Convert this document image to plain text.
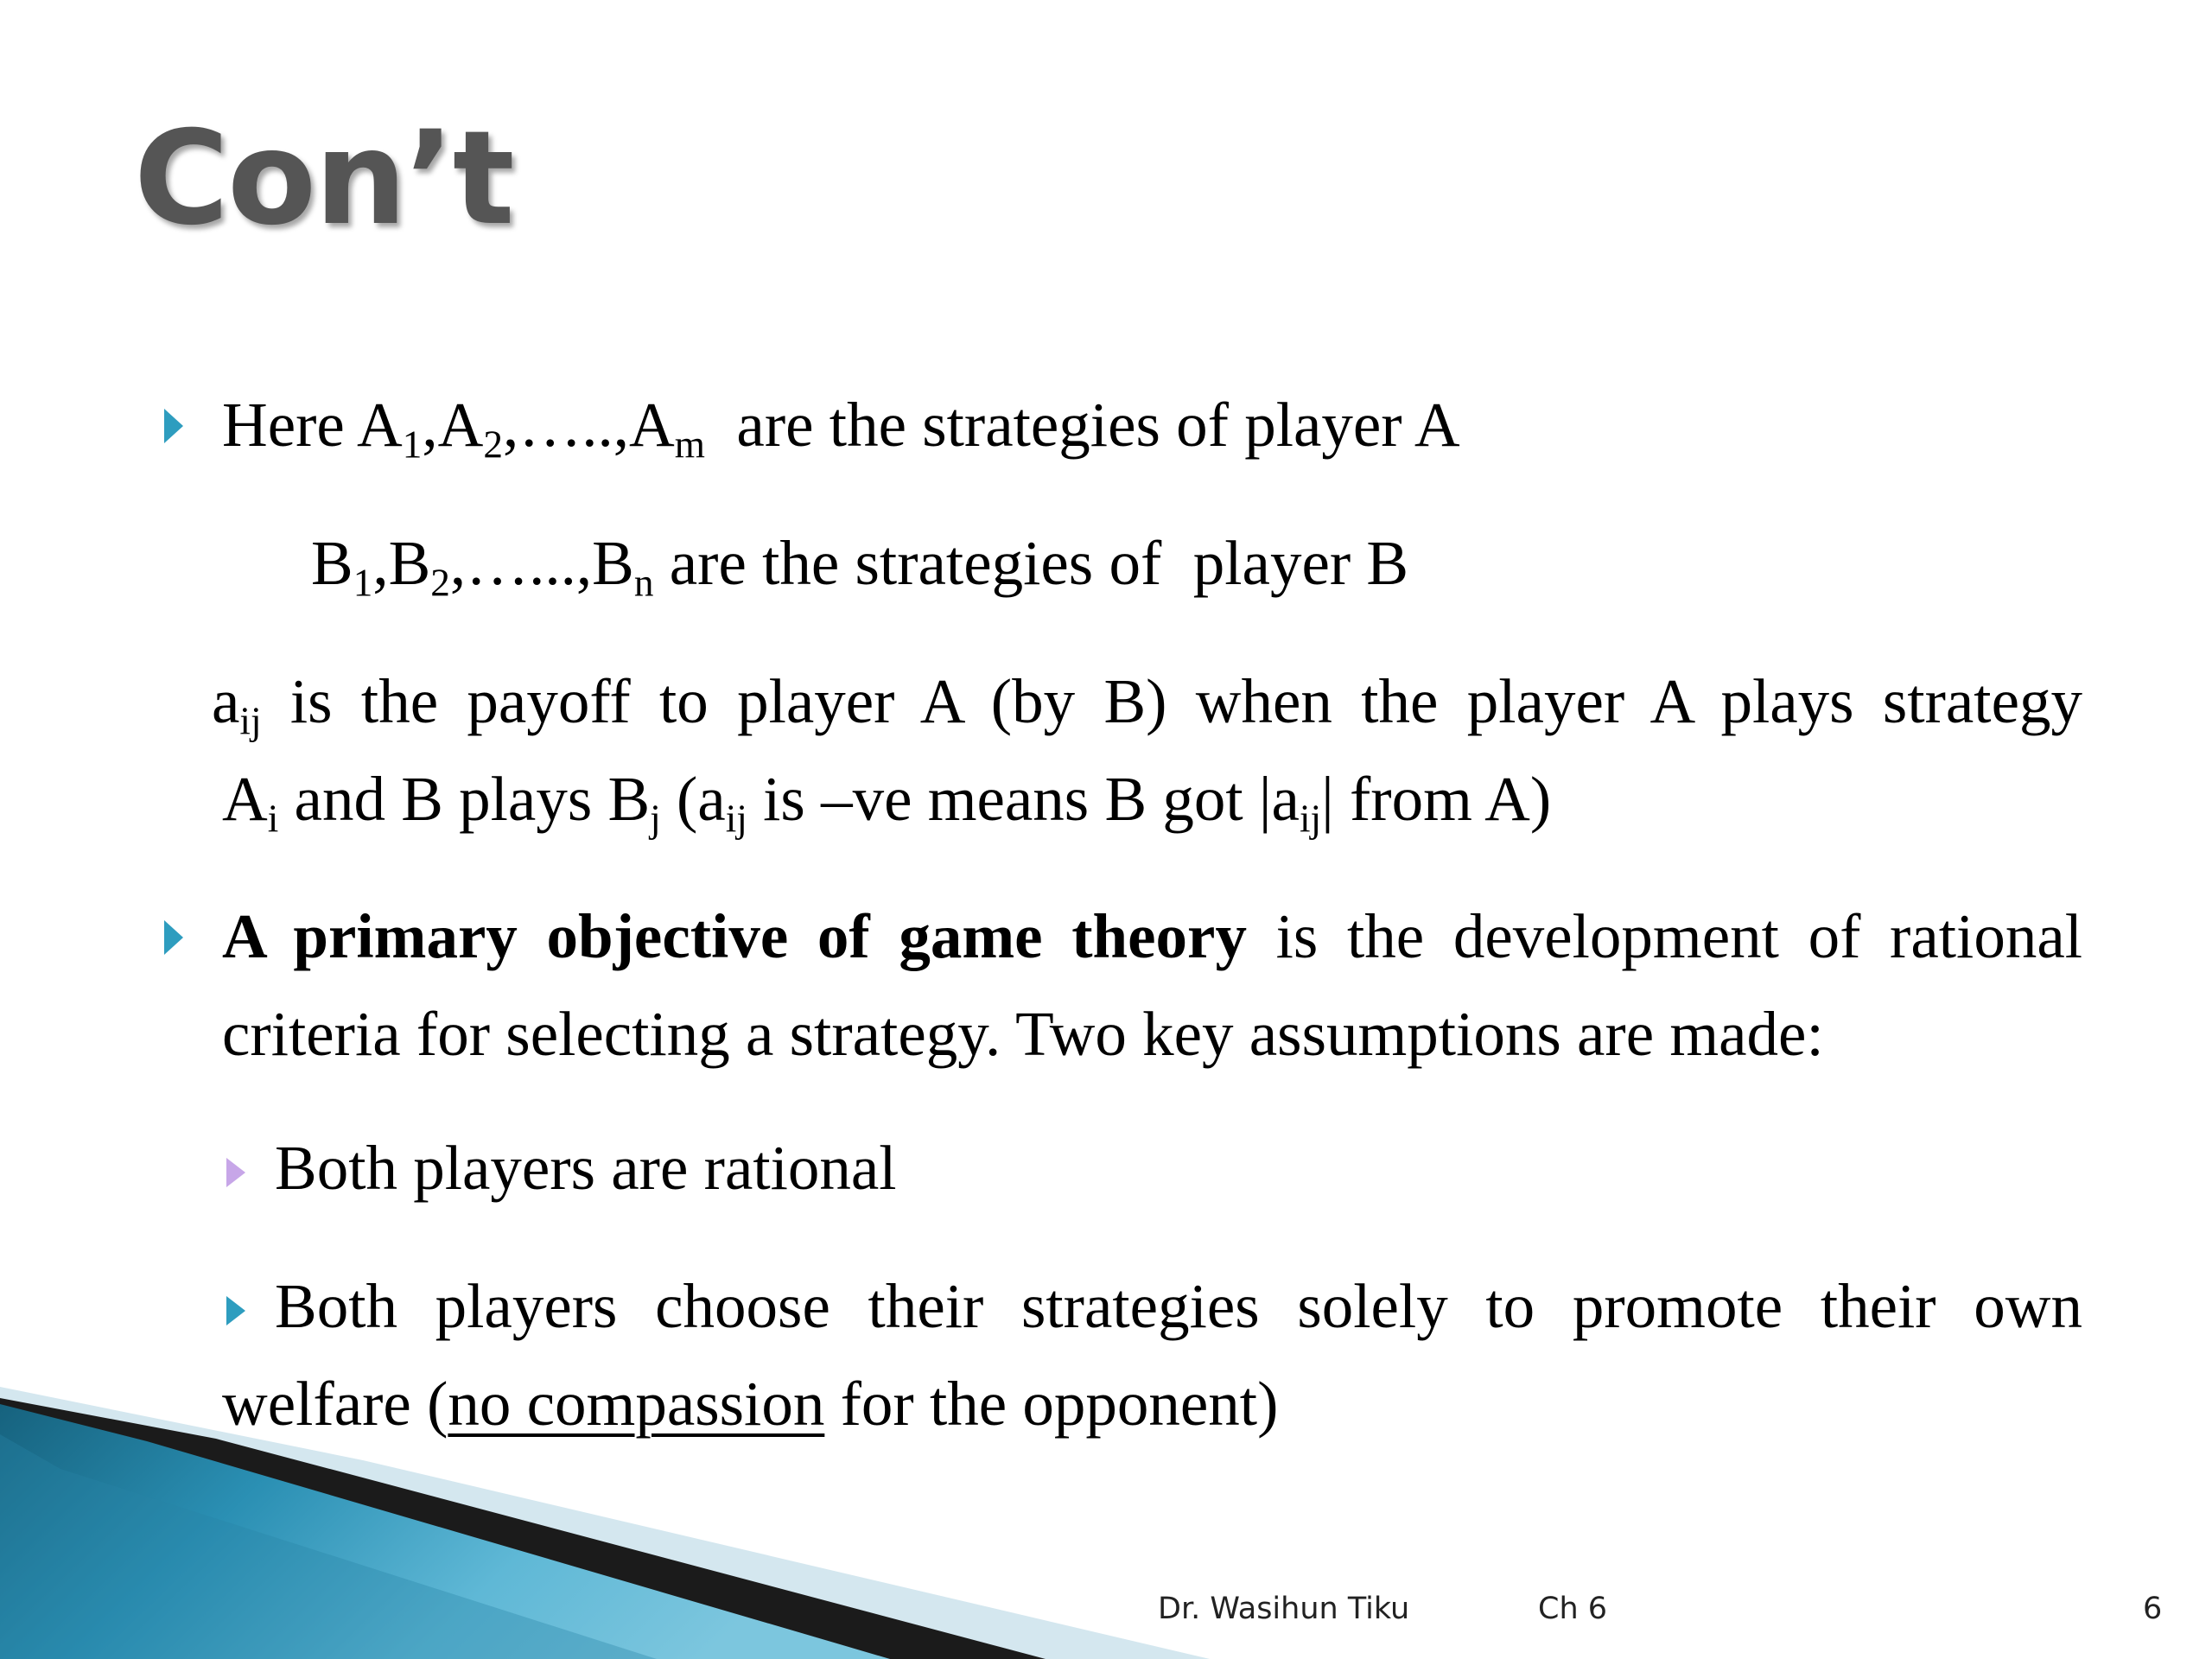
Con’t
Here $A_1,A_2,\dots..,A_m$  are the strategies of player A
$B_1,B_2,\dots...,B_n$ are the strategies of  player B
$a_{ij}$ is the payoff to player A (by B) when the player A plays strategy
$A_i$ and B plays $B_j$ ($a_{ij}$ is –ve means B got $|a_{ij}|$ from A)
A primary objective of game theory is the development of rational
criteria for selecting a strategy. Two key assumptions are made:
Both players are rational
Both players choose their strategies solely to promote their own
welfare (no compassion for the opponent)
Dr. Wasihun Tiku	Ch 6	6
